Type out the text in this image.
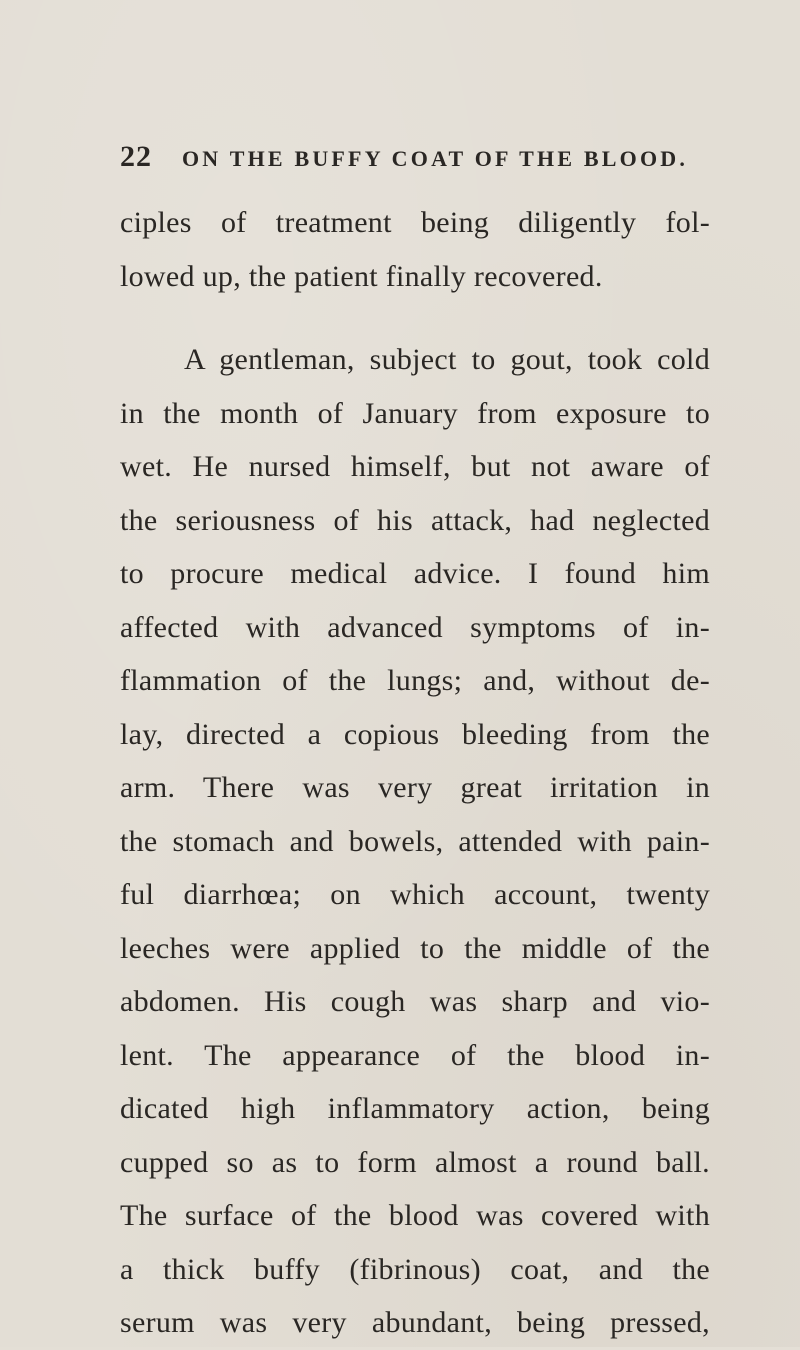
22 ON THE BUFFY COAT OF THE BLOOD.
ciples of treatment being diligently fol-
lowed up, the patient finally recovered.
A gentleman, subject to gout, took cold
in the month of January from exposure to
wet. He nursed himself, but not aware of
the seriousness of his attack, had neglected
to procure medical advice. I found him
affected with advanced symptoms of in-
flammation of the lungs; and, without de-
lay, directed a copious bleeding from the
arm. There was very great irritation in
the stomach and bowels, attended with pain-
ful diarrhœa; on which account, twenty
leeches were applied to the middle of the
abdomen. His cough was sharp and vio-
lent. The appearance of the blood in-
dicated high inflammatory action, being
cupped so as to form almost a round ball.
The surface of the blood was covered with
a thick buffy (fibrinous) coat, and the
serum was very abundant, being pressed,
